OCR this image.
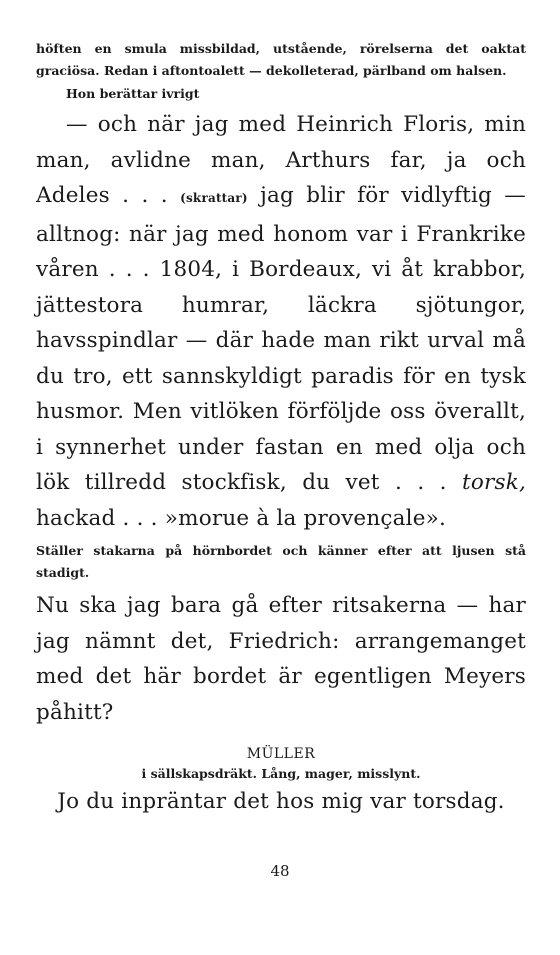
höften en smula missbildad, utstående, rörelserna det oaktat graciösa. Redan i aftontoalett — dekolleterad, pärlband om halsen.

Hon berättar ivrigt

— och när jag med Heinrich Floris, min man, avlidne man, Arthurs far, ja och Adeles . . . (skrattar) jag blir för vidlyftig — alltnog: när jag med honom var i Frankrike våren . . . 1804, i Bordeaux, vi åt krabbor, jättestora humrar, läckra sjötungor, havsspindlar — där hade man rikt urval må du tro, ett sannskyldigt paradis för en tysk husmor. Men vitlöken förföljde oss överallt, i synnerhet under fastan en med olja och lök tillredd stockfisk, du vet . . . torsk, hackad . . . »morue à la provençale».

Ställer stakarna på hörnbordet och känner efter att ljusen stå stadigt.

Nu ska jag bara gå efter ritsakerna — har jag nämnt det, Friedrich: arrangemanget med det här bordet är egentligen Meyers påhitt?

MÜLLER

i sällskapsdräkt. Lång, mager, misslynt.

Jo du inpräntar det hos mig var torsdag.

48
